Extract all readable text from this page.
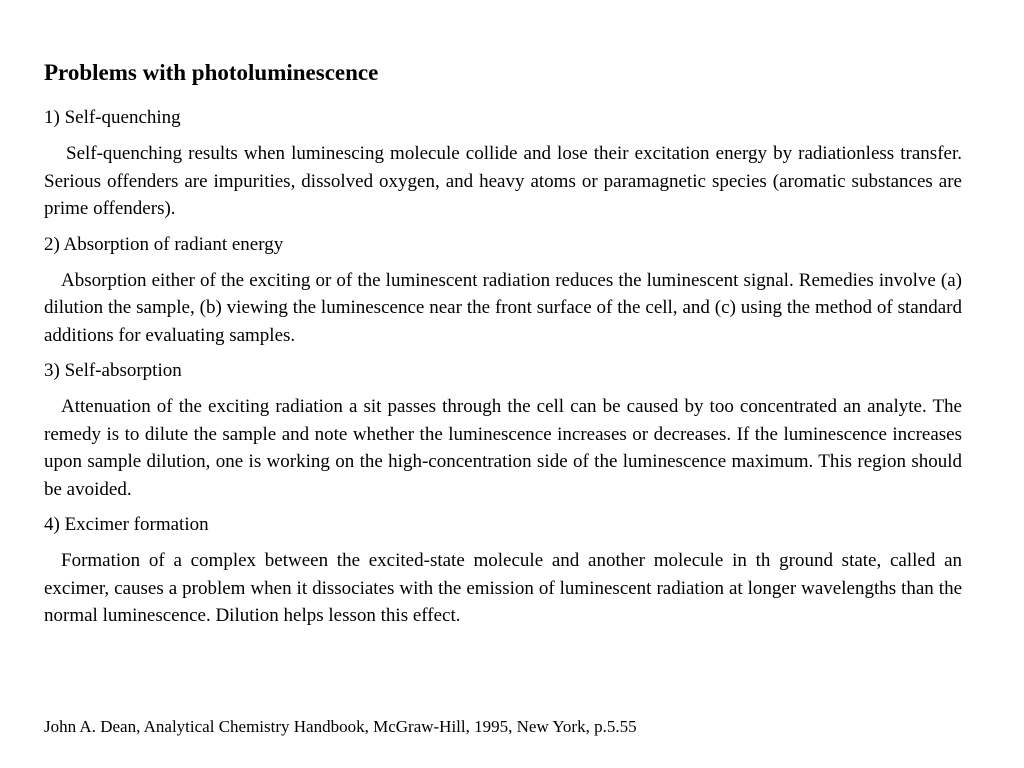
Problems with photoluminescence
1) Self-quenching

Self-quenching results when luminescing molecule collide and lose their excitation energy by radiationless transfer. Serious offenders are impurities, dissolved oxygen, and heavy atoms or paramagnetic species (aromatic substances are prime offenders).

2) Absorption of radiant energy

Absorption either of the exciting or of the luminescent radiation reduces the luminescent signal. Remedies involve (a) dilution the sample, (b) viewing the luminescence near the front surface of the cell, and (c) using the method of standard additions for evaluating samples.

3) Self-absorption

Attenuation of the exciting radiation a sit passes through the cell can be caused by too concentrated an analyte. The remedy is to dilute the sample and note whether the luminescence increases or decreases. If the luminescence increases upon sample dilution, one is working on the high-concentration side of the luminescence maximum. This region should be avoided.

4) Excimer formation

Formation of a complex between the excited-state molecule and another molecule in th ground state, called an excimer, causes a problem when it dissociates with the emission of luminescent radiation at longer wavelengths than the normal luminescence. Dilution helps lesson this effect.

John A. Dean, Analytical Chemistry Handbook, McGraw-Hill, 1995, New York, p.5.55
